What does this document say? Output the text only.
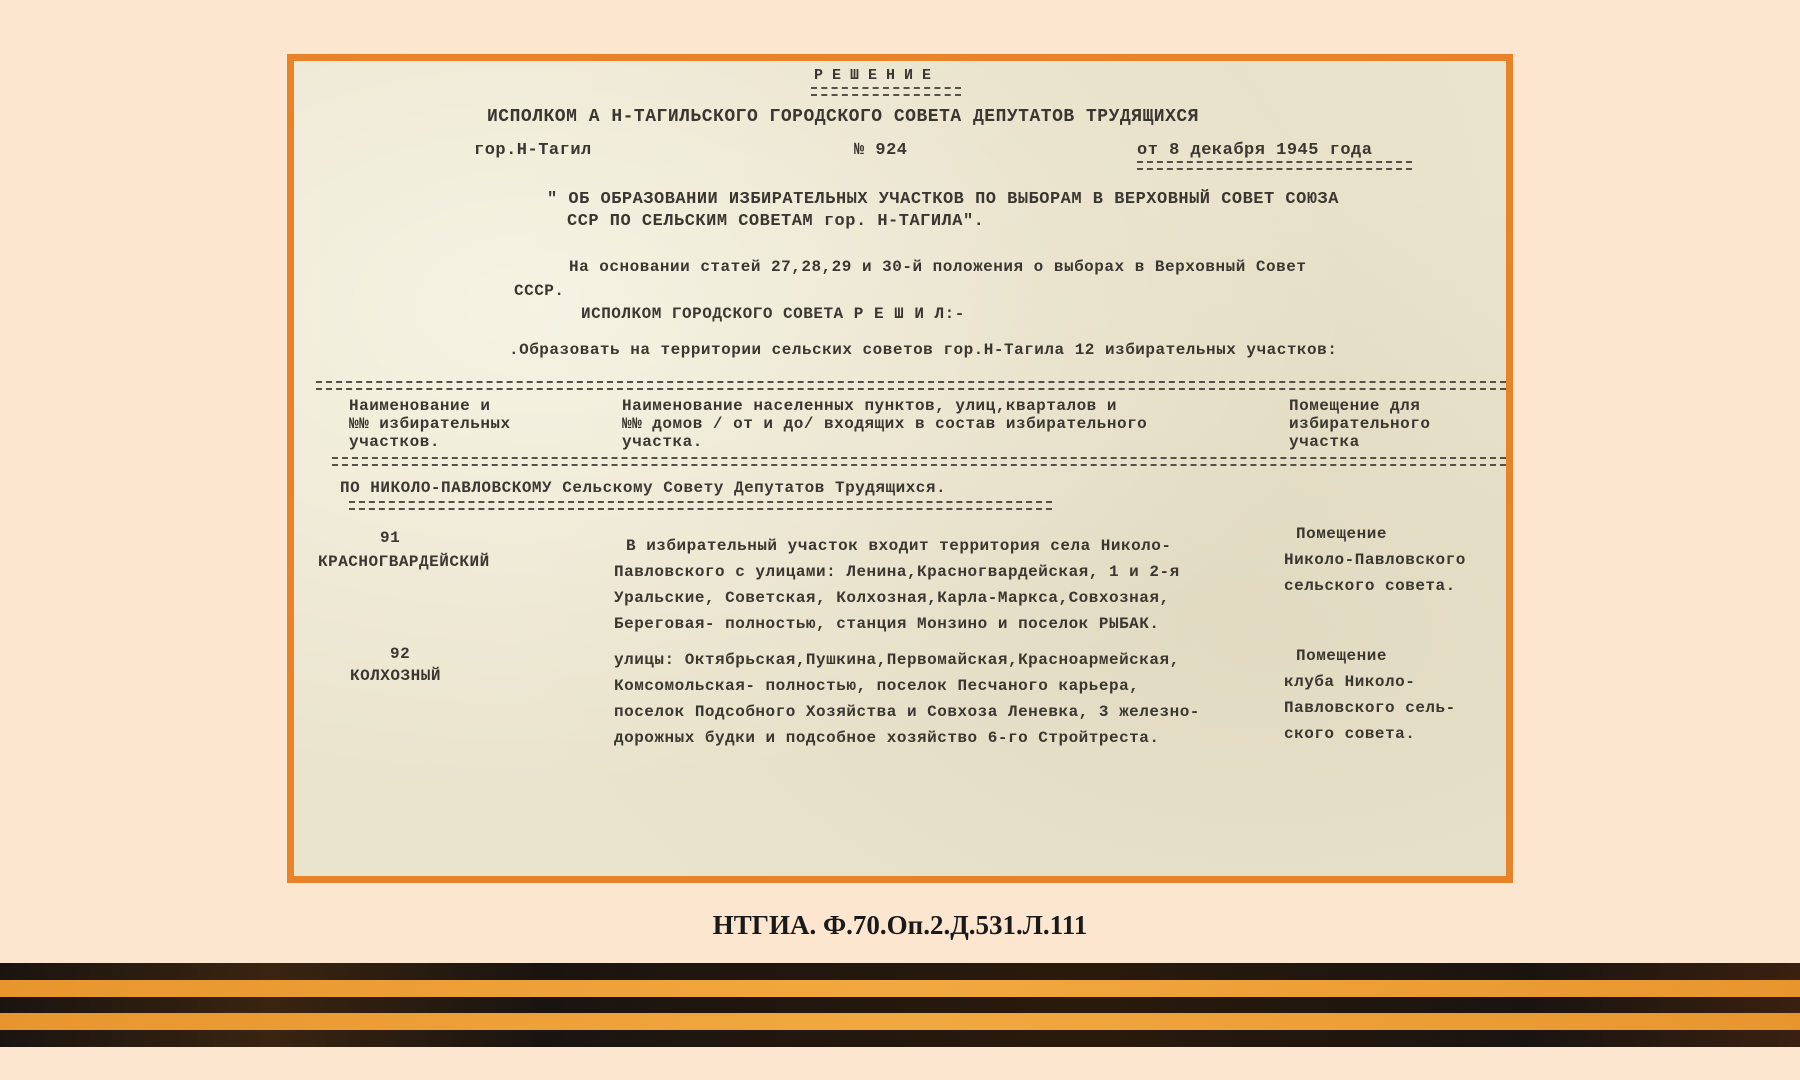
РЕШЕНИЕ
ИСПОЛКОМ А Н-ТАГИЛЬСКОГО ГОРОДСКОГО СОВЕТА ДЕПУТАТОВ ТРУДЯЩИХСЯ
гор.Н-Тагил	№ 924	от 8 декабря 1945 года
" ОБ ОБРАЗОВАНИИ ИЗБИРАТЕЛЬНЫХ УЧАСТКОВ ПО ВЫБОРАМ В ВЕРХОВНЫЙ СОВЕТ СОЮЗА
ССР ПО СЕЛЬСКИМ СОВЕТАМ гор. Н-ТАГИЛА".
На основании статей 27,28,29 и 30-й положения о выборах в Верховный Совет
СССР.
ИСПОЛКОМ ГОРОДСКОГО СОВЕТА Р Е Ш И Л:-
.Образовать на территории сельских советов гор.Н-Тагила 12 избирательных участков:
Наименование и
№№ избирательных
участков.
Наименование населенных пунктов, улиц,кварталов и
№№ домов / от и до/ входящих в состав избирательного
участка.
Помещение для
избирательного
участка
ПО НИКОЛО-ПАВЛОВСКОМУ Сельскому Совету Депутатов Трудящихся.
91
КРАСНОГВАРДЕЙСКИЙ
В избирательный участок входит территория села Николо-
Павловского с улицами: Ленина,Красногвардейская, 1 и 2-я
Уральские, Советская, Колхозная,Карла-Маркса,Совхозная,
Береговая- полностью, станция Монзино и поселок РЫБАК.
Помещение
Николо-Павловского
сельского совета.
92
КОЛХОЗНЫЙ
улицы: Октябрьская,Пушкина,Первомайская,Красноармейская,
Комсомольская- полностью, поселок Песчаного карьера,
поселок Подсобного Хозяйства и Совхоза Леневка, 3 железно-
дорожных будки и подсобное хозяйство 6-го Стройтреста.
Помещение
клуба Николо-
Павловского сель-
ского совета.
НТГИА. Ф.70.Оп.2.Д.531.Л.111
